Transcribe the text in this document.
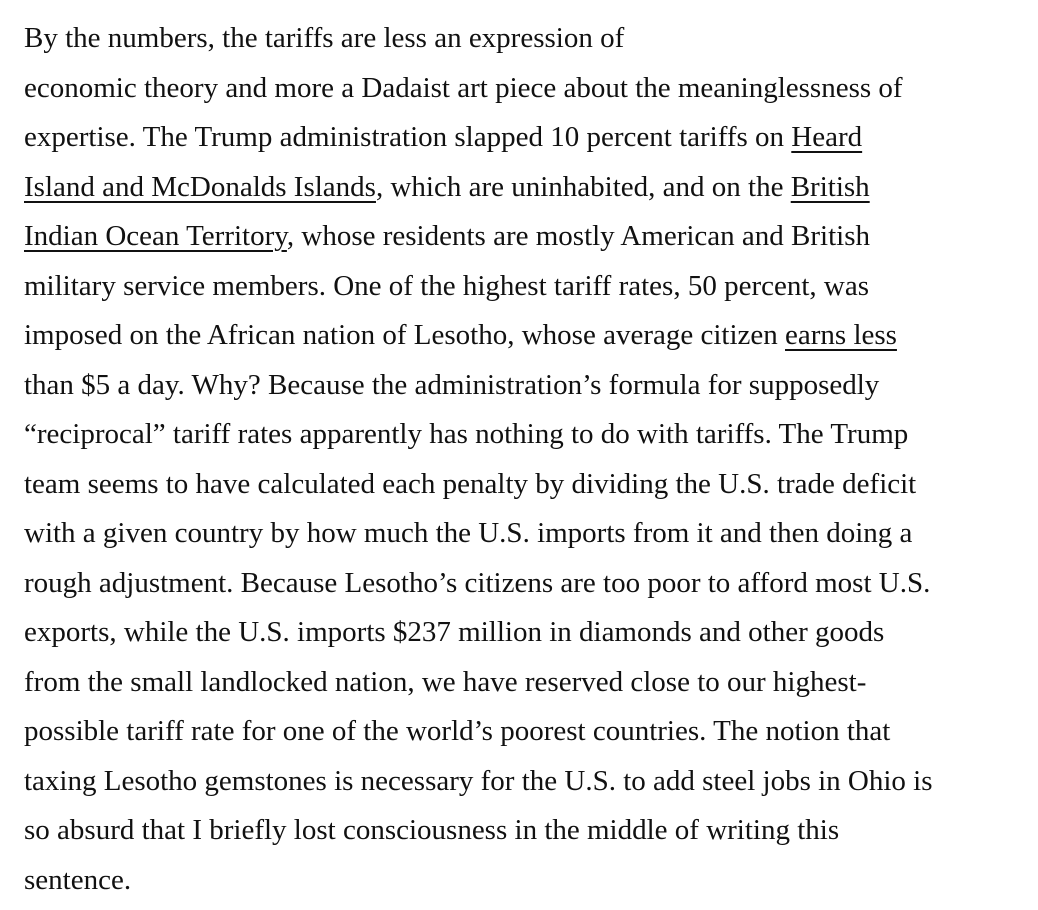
By the numbers, the tariffs are less an expression of
economic theory and more a Dadaist art piece about the meaninglessness of
expertise. The Trump administration slapped 10 percent tariffs on Heard
Island and McDonalds Islands, which are uninhabited, and on the British
Indian Ocean Territory, whose residents are mostly American and British
military service members. One of the highest tariff rates, 50 percent, was
imposed on the African nation of Lesotho, whose average citizen earns less
than $5 a day. Why? Because the administration’s formula for supposedly
“reciprocal” tariff rates apparently has nothing to do with tariffs. The Trump
team seems to have calculated each penalty by dividing the U.S. trade deficit
with a given country by how much the U.S. imports from it and then doing a
rough adjustment. Because Lesotho’s citizens are too poor to afford most U.S.
exports, while the U.S. imports $237 million in diamonds and other goods
from the small landlocked nation, we have reserved close to our highest-
possible tariff rate for one of the world’s poorest countries. The notion that
taxing Lesotho gemstones is necessary for the U.S. to add steel jobs in Ohio is
so absurd that I briefly lost consciousness in the middle of writing this
sentence.
